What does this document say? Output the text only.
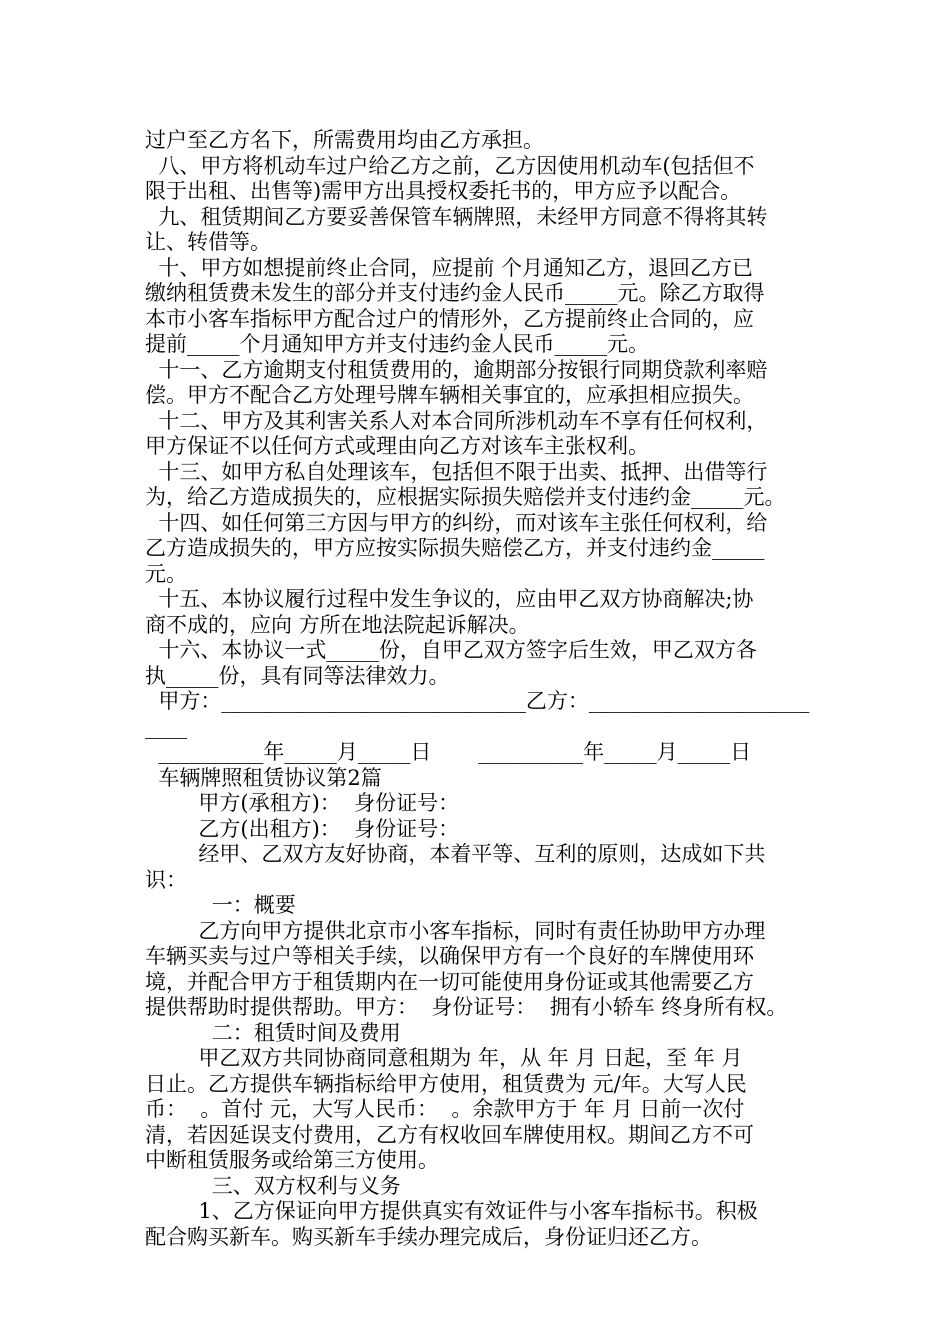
过户至乙方名下，所需费用均由乙方承担。
八、甲方将机动车过户给乙方之前，乙方因使用机动车(包括但不
限于出租、出售等)需甲方出具授权委托书的，甲方应予以配合。
九、租赁期间乙方要妥善保管车辆牌照，未经甲方同意不得将其转
让、转借等。
十、甲方如想提前终止合同，应提前 个月通知乙方，退回乙方已
缴纳租赁费未发生的部分并支付违约金人民币_____元。除乙方取得
本市小客车指标甲方配合过户的情形外，乙方提前终止合同的，应
提前_____个月通知甲方并支付违约金人民币_____元。
十一、乙方逾期支付租赁费用的，逾期部分按银行同期贷款利率赔
偿。甲方不配合乙方处理号牌车辆相关事宜的，应承担相应损失。
十二、甲方及其利害关系人对本合同所涉机动车不享有任何权利，
甲方保证不以任何方式或理由向乙方对该车主张权利。
十三、如甲方私自处理该车，包括但不限于出卖、抵押、出借等行
为，给乙方造成损失的，应根据实际损失赔偿并支付违约金_____元。
十四、如任何第三方因与甲方的纠纷，而对该车主张任何权利，给
乙方造成损失的，甲方应按实际损失赔偿乙方，并支付违约金_____
元。
十五、本协议履行过程中发生争议的，应由甲乙双方协商解决;协
商不成的，应向 方所在地法院起诉解决。
十六、本协议一式_____份，自甲乙双方签字后生效，甲乙双方各
执_____份，具有同等法律效力。
甲方：_____________________________乙方：_____________________
____
__________年_____月_____日       __________年_____月_____日
车辆牌照租赁协议第2篇
甲方(承租方)：  身份证号：
乙方(出租方)：  身份证号：
经甲、乙双方友好协商，本着平等、互利的原则，达成如下共
识：
一：概要
乙方向甲方提供北京市小客车指标，同时有责任协助甲方办理
车辆买卖与过户等相关手续，以确保甲方有一个良好的车牌使用环
境，并配合甲方于租赁期内在一切可能使用身份证或其他需要乙方
提供帮助时提供帮助。甲方：  身份证号：  拥有小轿车 终身所有权。
二：租赁时间及费用
甲乙双方共同协商同意租期为 年，从 年 月 日起，至 年 月
日止。乙方提供车辆指标给甲方使用，租赁费为 元/年。大写人民
币：  。首付 元，大写人民币：  。余款甲方于 年 月 日前一次付
清，若因延误支付费用，乙方有权收回车牌使用权。期间乙方不可
中断租赁服务或给第三方使用。
三、双方权利与义务
1、乙方保证向甲方提供真实有效证件与小客车指标书。积极
配合购买新车。购买新车手续办理完成后，身份证归还乙方。
